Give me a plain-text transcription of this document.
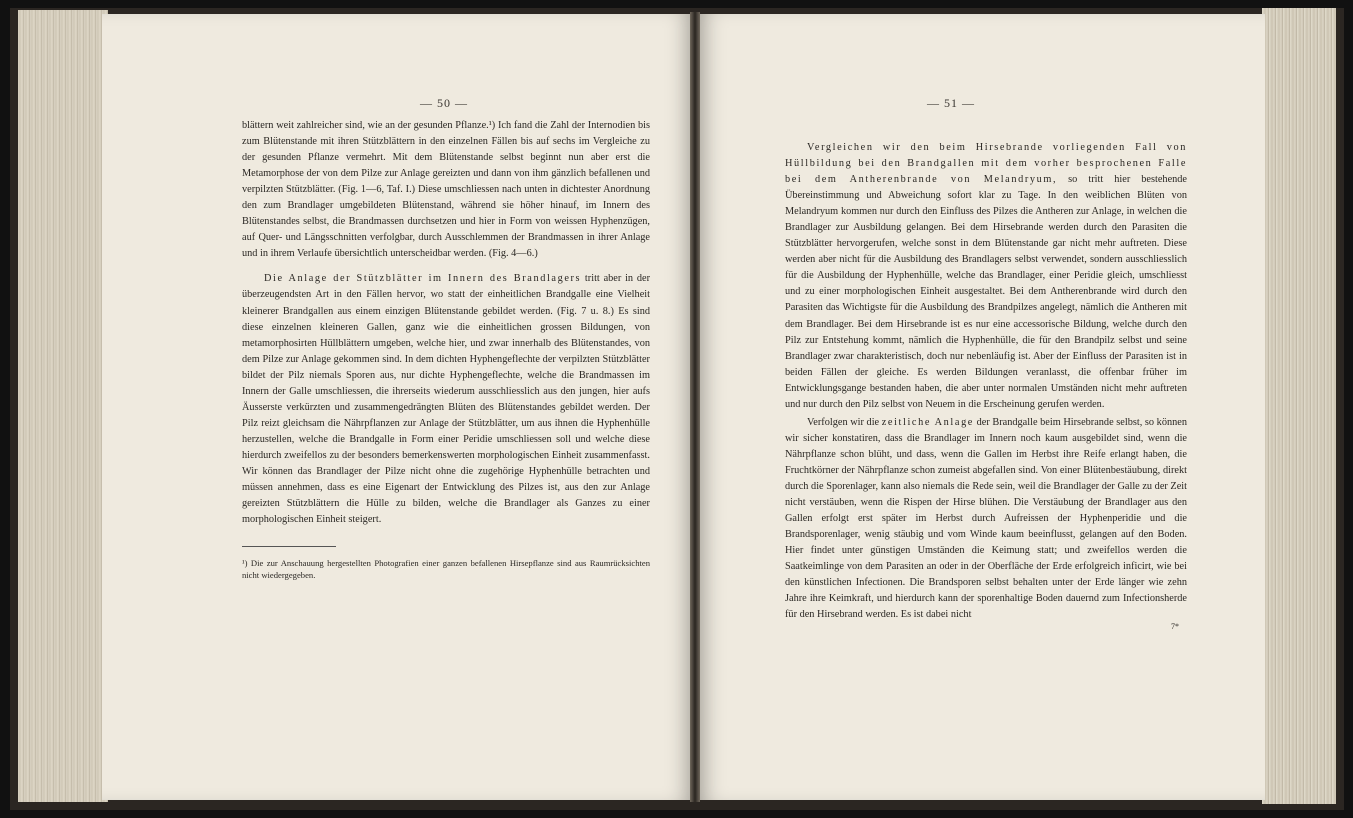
— 50 —

blättern weit zahlreicher sind, wie an der gesunden Pflanze.¹) Ich fand die Zahl der Internodien bis zum Blütenstande mit ihren Stützblättern in den einzelnen Fällen bis auf sechs im Vergleiche zu der gesunden Pflanze vermehrt. Mit dem Blütenstande selbst beginnt nun aber erst die Metamorphose der von dem Pilze zur Anlage gereizten und dann von ihm gänzlich befallenen und verpilzten Stützblätter. (Fig. 1—6, Taf. I.) Diese umschliessen nach unten in dichtester Anordnung den zum Brandlager umgebildeten Blütenstand, während sie höher hinauf, im Innern des Blütenstandes selbst, die Brandmassen durchsetzen und hier in Form von weissen Hyphenzügen, auf Quer- und Längsschnitten verfolgbar, durch Ausschlemmen der Brandmassen in ihrer Anlage und in ihrem Verlaufe übersichtlich unterscheidbar werden. (Fig. 4—6.)

Die Anlage der Stützblätter im Innern des Brandlagers tritt aber in der überzeugendsten Art in den Fällen hervor, wo statt der einheitlichen Brandgalle eine Vielheit kleinerer Brandgallen aus einem einzigen Blütenstande gebildet werden. (Fig. 7 u. 8.) Es sind diese einzelnen kleineren Gallen, ganz wie die einheitlichen grossen Bildungen, von metamorphosirten Hüllblättern umgeben, welche hier, und zwar innerhalb des Blütenstandes, von dem Pilze zur Anlage gekommen sind. In dem dichten Hyphengeflechte der verpilzten Stützblätter bildet der Pilz niemals Sporen aus, nur dichte Hyphengeflechte, welche die Brandmassen im Innern der Galle umschliessen, die ihrerseits wiederum ausschliesslich aus den jungen, hier aufs Äusserste verkürzten und zusammengedrängten Blüten des Blütenstandes gebildet werden. Der Pilz reizt gleichsam die Nährpflanzen zur Anlage der Stützblätter, um aus ihnen die Hyphenhülle herzustellen, welche die Brandgalle in Form einer Peridie umschliessen soll und welche diese hierdurch zweifellos zu der besonders bemerkenswerten morphologischen Einheit zusammenfasst. Wir können das Brandlager der Pilze nicht ohne die zugehörige Hyphenhülle betrachten und müssen annehmen, dass es eine Eigenart der Entwicklung des Pilzes ist, aus den zur Anlage gereizten Stützblättern die Hülle zu bilden, welche die Brandlager als Ganzes zu einer morphologischen Einheit steigert.

¹) Die zur Anschauung hergestellten Photografien einer ganzen befallenen Hirsepflanze sind aus Raumrücksichten nicht wiedergegeben.

— 51 —

Vergleichen wir den beim Hirsebrande vorliegenden Fall von Hüllbildung bei den Brandgallen mit dem vorher besprochenen Falle bei dem Antherenbrande von Melandryum, so tritt hier bestehende Übereinstimmung und Abweichung sofort klar zu Tage. In den weiblichen Blüten von Melandryum kommen nur durch den Einfluss des Pilzes die Antheren zur Anlage, in welchen die Brandlager zur Ausbildung gelangen. Bei dem Hirsebrande werden durch den Parasiten die Stützblätter hervorgerufen, welche sonst in dem Blütenstande gar nicht mehr auftreten. Diese werden aber nicht für die Ausbildung des Brandlagers selbst verwendet, sondern ausschliesslich für die Ausbildung der Hyphenhülle, welche das Brandlager, einer Peridie gleich, umschliesst und zu einer morphologischen Einheit ausgestaltet. Bei dem Antherenbrande wird durch den Parasiten das Wichtigste für die Ausbildung des Brandpilzes angelegt, nämlich die Antheren mit dem Brandlager. Bei dem Hirsebrande ist es nur eine accessorische Bildung, welche durch den Pilz zur Entstehung kommt, nämlich die Hyphenhülle, die für den Brandpilz selbst und seine Brandlager zwar charakteristisch, doch nur nebenläufig ist. Aber der Einfluss der Parasiten ist in beiden Fällen der gleiche. Es werden Bildungen veranlasst, die offenbar früher im Entwicklungsgange bestanden haben, die aber unter normalen Umständen nicht mehr auftreten und nur durch den Pilz selbst von Neuem in die Erscheinung gerufen werden.

Verfolgen wir die zeitliche Anlage der Brandgalle beim Hirsebrande selbst, so können wir sicher konstatiren, dass die Brandlager im Innern noch kaum ausgebildet sind, wenn die Nährpflanze schon blüht, und dass, wenn die Gallen im Herbst ihre Reife erlangt haben, die Fruchtkörner der Nährpflanze schon zumeist abgefallen sind. Von einer Blütenbestäubung, direkt durch die Sporenlager, kann also niemals die Rede sein, weil die Brandlager der Galle zu der Zeit nicht verstäuben, wenn die Rispen der Hirse blühen. Die Verstäubung der Brandlager aus den Gallen erfolgt erst später im Herbst durch Aufreissen der Hyphenperidie und die Brandsporenlager, wenig stäubig und vom Winde kaum beeinflusst, gelangen auf den Boden. Hier findet unter günstigen Umständen die Keimung statt; und zweifellos werden die Saatkeimlinge von dem Parasiten an oder in der Oberfläche der Erde erfolgreich inficirt, wie bei den künstlichen Infectionen. Die Brandsporen selbst behalten unter der Erde länger wie zehn Jahre ihre Keimkraft, und hierdurch kann der sporenhaltige Boden dauernd zum Infectionsherde für den Hirsebrand werden. Es ist dabei nicht

7*
